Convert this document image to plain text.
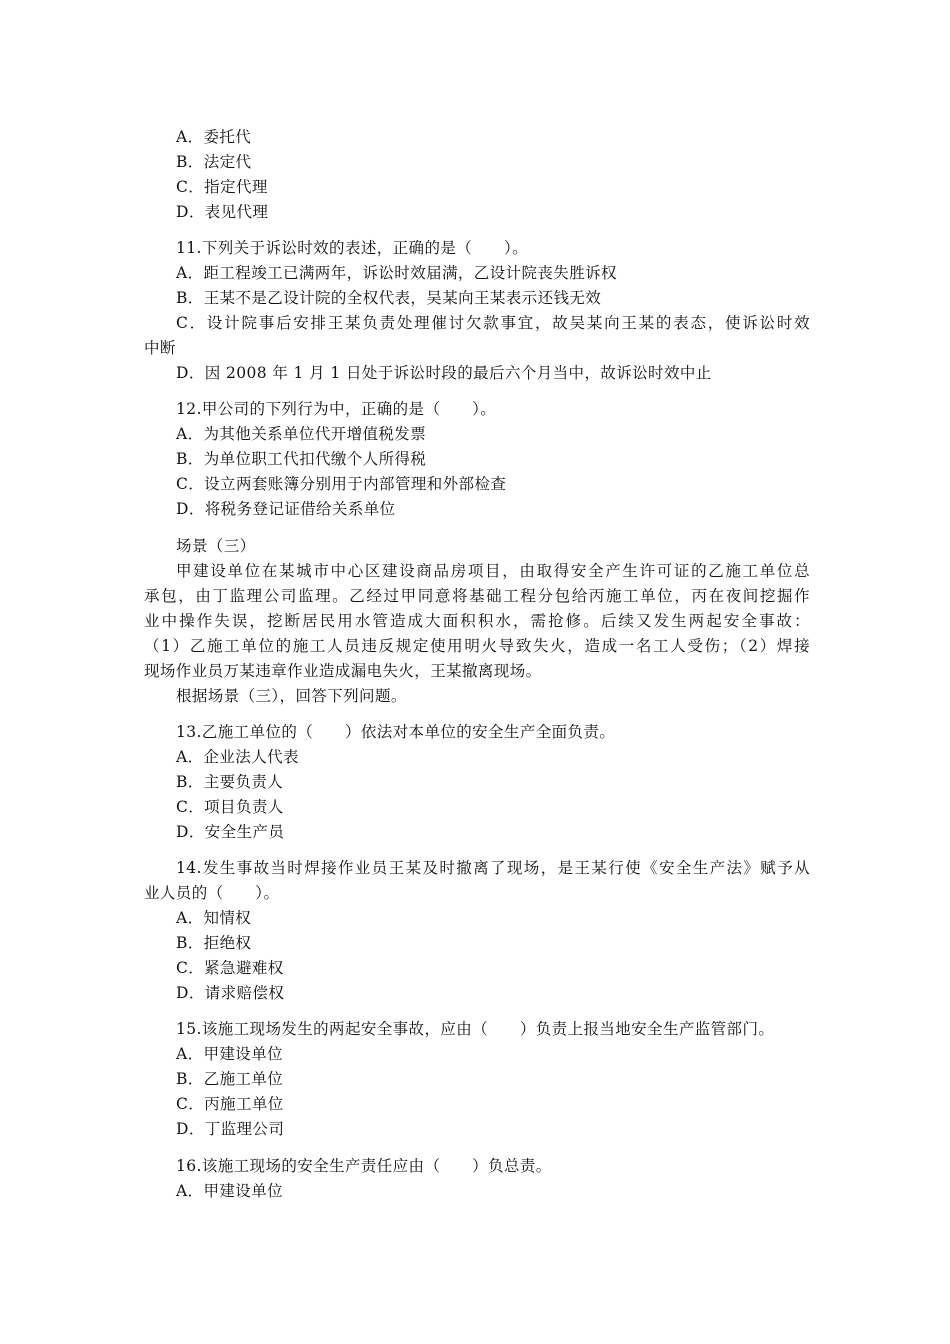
A．委托代
B．法定代
C．指定代理
D．表见代理
11.下列关于诉讼时效的表述，正确的是（　　）。
A．距工程竣工已满两年，诉讼时效届满，乙设计院丧失胜诉权
B．王某不是乙设计院的全权代表，吴某向王某表示还钱无效
C．设计院事后安排王某负责处理催讨欠款事宜，故吴某向王某的表态，使诉讼时效
中断
D．因 2008 年 1 月 1 日处于诉讼时段的最后六个月当中，故诉讼时效中止
12.甲公司的下列行为中，正确的是（　　）。
A．为其他关系单位代开增值税发票
B．为单位职工代扣代缴个人所得税
C．设立两套账簿分别用于内部管理和外部检查
D．将税务登记证借给关系单位
场景（三）
甲建设单位在某城市中心区建设商品房项目，由取得安全产生许可证的乙施工单位总
承包，由丁监理公司监理。乙经过甲同意将基础工程分包给丙施工单位，丙在夜间挖掘作
业中操作失误，挖断居民用水管造成大面积积水，需抢修。后续又发生两起安全事故：
（1）乙施工单位的施工人员违反规定使用明火导致失火，造成一名工人受伤；（2）焊接
现场作业员万某违章作业造成漏电失火，王某撤离现场。
根据场景（三），回答下列问题。
13.乙施工单位的（　　）依法对本单位的安全生产全面负责。
A．企业法人代表
B．主要负责人
C．项目负责人
D．安全生产员
14.发生事故当时焊接作业员王某及时撤离了现场，是王某行使《安全生产法》赋予从
业人员的（　　）。
A．知情权
B．拒绝权
C．紧急避难权
D．请求赔偿权
15.该施工现场发生的两起安全事故，应由（　　）负责上报当地安全生产监管部门。
A．甲建设单位
B．乙施工单位
C．丙施工单位
D．丁监理公司
16.该施工现场的安全生产责任应由（　　）负总责。
A．甲建设单位
